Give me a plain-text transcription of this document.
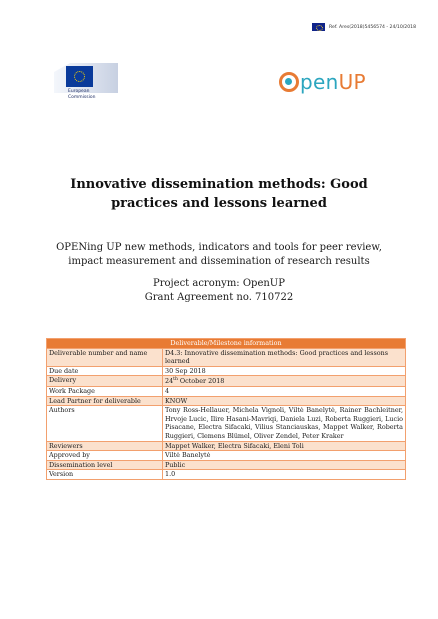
Ref. Ares(2018)5456574 - 24/10/2018
European
Commission
pen UP
Innovative dissemination methods: Good practices and lessons learned
OPENing UP new methods, indicators and tools for peer review, impact measurement and dissemination of research results
Project acronym: OpenUP
Grant Agreement no. 710722
Deliverable/Milestone information	
Deliverable number and name	D4.3: Innovative dissemination methods: Good practices and lessons learned
Due date	30 Sep 2018
Delivery	24th October 2018
Work Package	4
Lead Partner for deliverable	KNOW
Authors	Tony Ross-Hellauer, Michela Vignoli, Viltė Banelytė, Rainer Bachleitner, Hrvoje Lucic, Ilire Hasani-Mavriqi, Daniela Luzi, Roberta Ruggieri, Lucio Pisacane, Electra Sifacaki, Vilius Stanciauskas, Mappet Walker, Roberta Ruggieri, Clemens Blümel, Oliver Zendel, Peter Kraker
Reviewers	Mappet Walker, Electra Sifacaki, Eleni Toli
Approved by	Viltė Banelytė
Dissemination level	Public
Version	1.0
